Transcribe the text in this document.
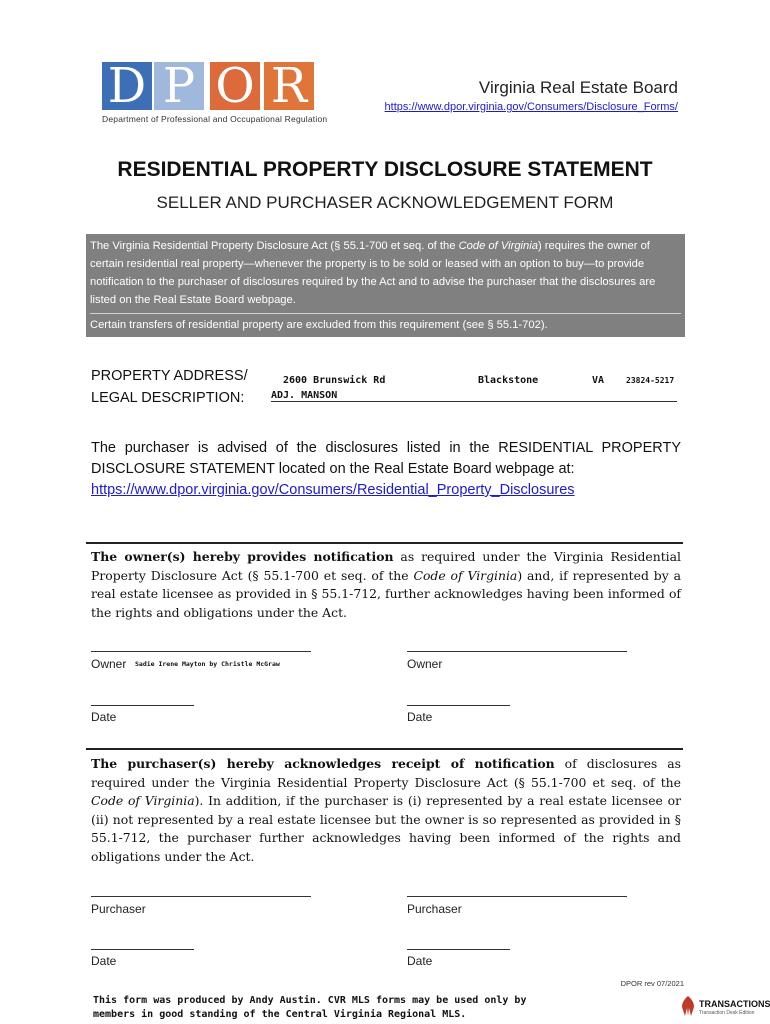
D P O R
Department of Professional and Occupational Regulation
Virginia Real Estate Board
https://www.dpor.virginia.gov/Consumers/Disclosure_Forms/
RESIDENTIAL PROPERTY DISCLOSURE STATEMENT
SELLER AND PURCHASER ACKNOWLEDGEMENT FORM
The Virginia Residential Property Disclosure Act (§ 55.1-700 et seq. of the Code of Virginia) requires the owner of certain residential real property—whenever the property is to be sold or leased with an option to buy—to provide notification to the purchaser of disclosures required by the Act and to advise the purchaser that the disclosures are listed on the Real Estate Board webpage.
Certain transfers of residential property are excluded from this requirement (see § 55.1-702).
PROPERTY ADDRESS/
LEGAL DESCRIPTION:
2600 Brunswick Rd	Blackstone	VA	23824-5217
ADJ. MANSON
The purchaser is advised of the disclosures listed in the RESIDENTIAL PROPERTY
DISCLOSURE STATEMENT located on the Real Estate Board webpage at:
https://www.dpor.virginia.gov/Consumers/Residential_Property_Disclosures
The owner(s) hereby provides notification as required under the Virginia Residential Property Disclosure Act (§ 55.1-700 et seq. of the Code of Virginia) and, if represented by a real estate licensee as provided in § 55.1-712, further acknowledges having been informed of the rights and obligations under the Act.
Owner Sadie Irene Mayton by Christle McGraw	Owner
Date	Date
The purchaser(s) hereby acknowledges receipt of notification of disclosures as required under the Virginia Residential Property Disclosure Act (§ 55.1-700 et seq. of the Code of Virginia). In addition, if the purchaser is (i) represented by a real estate licensee or (ii) not represented by a real estate licensee but the owner is so represented as provided in § 55.1-712, the purchaser further acknowledges having been informed of the rights and obligations under the Act.
Purchaser	Purchaser
Date	Date
DPOR rev 07/2021
This form was produced by Andy Austin. CVR MLS forms may be used only by
members in good standing of the Central Virginia Regional MLS.
TRANSACTIONS
Transaction Desk Edition
